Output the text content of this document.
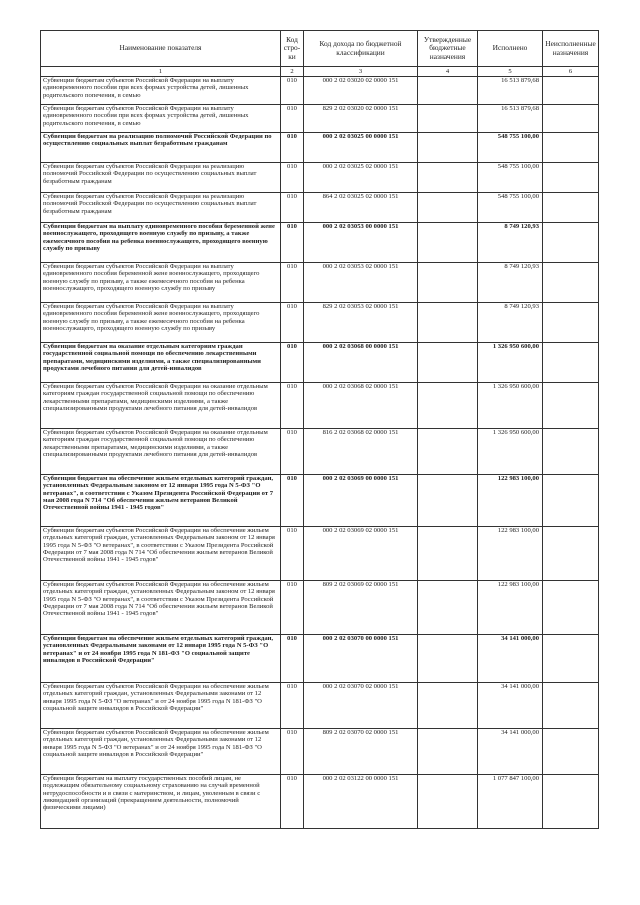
Наименование показателя	Код стро-ки	Код дохода по бюджетной классификации	Утвержденные бюджетные назначения	Исполнено	Неисполненные назначения
1	2	3	4	5	6
Субвенции бюджетам субъектов Российской Федерации на выплату единовременного пособия при всех формах устройства детей, лишенных родительского попечения, в семью	010	000 2 02 03020 02 0000 151		16 513 879,68	
Субвенции бюджетам субъектов Российской Федерации на выплату единовременного пособия при всех формах устройства детей, лишенных родительского попечения, в семью	010	829 2 02 03020 02 0000 151		16 513 879,68	
Субвенции бюджетам на реализацию полномочий Российской Федерации по осуществлению социальных выплат безработным гражданам	010	000 2 02 03025 00 0000 151		548 755 100,00	
Субвенции бюджетам субъектов Российской Федерации на реализацию полномочий Российской Федерации по осуществлению социальных выплат безработным гражданам	010	000 2 02 03025 02 0000 151		548 755 100,00	
Субвенции бюджетам субъектов Российской Федерации на реализацию полномочий Российской Федерации по осуществлению социальных выплат безработным гражданам	010	864 2 02 03025 02 0000 151		548 755 100,00	
Субвенции бюджетам на выплату единовременного пособия беременной жене военнослужащего, проходящего военную службу по призыву, а также ежемесячного пособия на ребенка военнослужащего, проходящего военную службу по призыву	010	000 2 02 03053 00 0000 151		8 749 120,93	
Субвенции бюджетам субъектов Российской Федерации на выплату единовременного пособия беременной жене военнослужащего, проходящего военную службу по призыву, а также ежемесячного пособия на ребенка военнослужащего, проходящего военную службу по призыву	010	000 2 02 03053 02 0000 151		8 749 120,93	
Субвенции бюджетам субъектов Российской Федерации на выплату единовременного пособия беременной жене военнослужащего, проходящего военную службу по призыву, а также ежемесячного пособия на ребенка военнослужащего, проходящего военную службу по призыву	010	829 2 02 03053 02 0000 151		8 749 120,93	
Субвенции бюджетам на оказание отдельным категориям граждан государственной социальной помощи по обеспечению лекарственными препаратами, медицинскими изделиями, а также специализированными продуктами лечебного питания для детей-инвалидов	010	000 2 02 03068 00 0000 151		1 326 950 600,00	
Субвенции бюджетам субъектов Российской Федерации на оказание отдельным категориям граждан государственной социальной помощи по обеспечению лекарственными препаратами, медицинскими изделиями, а также специализированными продуктами лечебного питания для детей-инвалидов	010	000 2 02 03068 02 0000 151		1 326 950 600,00	
Субвенции бюджетам субъектов Российской Федерации на оказание отдельным категориям граждан государственной социальной помощи по обеспечению лекарственными препаратами, медицинскими изделиями, а также специализированными продуктами лечебного питания для детей-инвалидов	010	816 2 02 03068 02 0000 151		1 326 950 600,00	
Субвенции бюджетам на обеспечение жильем отдельных категорий граждан, установленных Федеральным законом от 12 января 1995 года N 5-ФЗ "О ветеранах", в соответствии с Указом Президента Российской Федерации от 7 мая 2008 года N 714 "Об обеспечении жильем ветеранов Великой Отечественной войны 1941 - 1945 годов"	010	000 2 02 03069 00 0000 151		122 983 100,00	
Субвенции бюджетам субъектов Российской Федерации на обеспечение жильем отдельных категорий граждан, установленных Федеральным законом от 12 января 1995 года N 5-ФЗ "О ветеранах", в соответствии с Указом Президента Российской Федерации от 7 мая 2008 года N 714 "Об обеспечении жильем ветеранов Великой Отечественной войны 1941 - 1945 годов"	010	000 2 02 03069 02 0000 151		122 983 100,00	
Субвенции бюджетам субъектов Российской Федерации на обеспечение жильем отдельных категорий граждан, установленных Федеральным законом от 12 января 1995 года N 5-ФЗ "О ветеранах", в соответствии с Указом Президента Российской Федерации от 7 мая 2008 года N 714 "Об обеспечении жильем ветеранов Великой Отечественной войны 1941 - 1945 годов"	010	809 2 02 03069 02 0000 151		122 983 100,00	
Субвенции бюджетам на обеспечение жильем отдельных категорий граждан, установленных Федеральными законами от 12 января 1995 года N 5-ФЗ "О ветеранах" и от 24 ноября 1995 года N 181-ФЗ "О социальной защите инвалидов в Российской Федерации"	010	000 2 02 03070 00 0000 151		34 141 000,00	
Субвенции бюджетам субъектов Российской Федерации на обеспечение жильем отдельных категорий граждан, установленных Федеральными законами от 12 января 1995 года N 5-ФЗ "О ветеранах" и от 24 ноября 1995 года N 181-ФЗ "О социальной защите инвалидов в Российской Федерации"	010	000 2 02 03070 02 0000 151		34 141 000,00	
Субвенции бюджетам субъектов Российской Федерации на обеспечение жильем отдельных категорий граждан, установленных Федеральными законами от 12 января 1995 года N 5-ФЗ "О ветеранах" и от 24 ноября 1995 года N 181-ФЗ "О социальной защите инвалидов в Российской Федерации"	010	809 2 02 03070 02 0000 151		34 141 000,00	
Субвенции бюджетам на выплату государственных пособий лицам, не подлежащим обязательному социальному страхованию на случай временной нетрудоспособности и в связи с материнством, и лицам, уволенным в связи с ликвидацией организаций (прекращением деятельности, полномочий физическими лицами)	010	000 2 02 03122 00 0000 151		1 077 847 100,00	
